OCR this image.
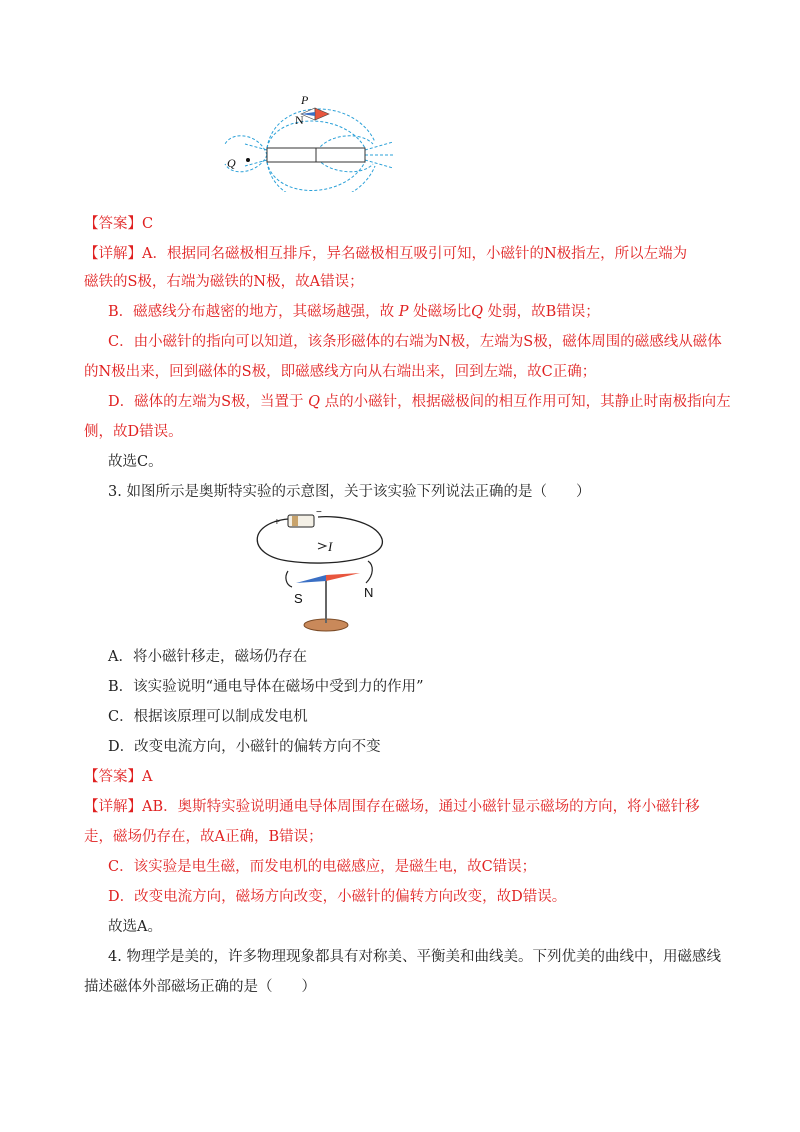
P
N
Q
【答案】C
【详解】A．根据同名磁极相互排斥，异名磁极相互吸引可知，小磁针的N极指左，所以左端为
磁铁的S极，右端为磁铁的N极，故A错误；
B．磁感线分布越密的地方，其磁场越强，故 P 处磁场比Q 处弱，故B错误；
C．由小磁针的指向可以知道，该条形磁体的右端为N极，左端为S极，磁体周围的磁感线从磁体
的N极出来，回到磁体的S极，即磁感线方向从右端出来，回到左端，故C正确；
D．磁体的左端为S极，当置于 Q 点的小磁针，根据磁极间的相互作用可知，其静止时南极指向左
侧，故D错误。
故选C。
3. 如图所示是奥斯特实验的示意图，关于该实验下列说法正确的是（　　）
+
−
I
S	N
A．将小磁针移走，磁场仍存在
B．该实验说明“通电导体在磁场中受到力的作用”
C．根据该原理可以制成发电机
D．改变电流方向，小磁针的偏转方向不变
【答案】A
【详解】AB．奥斯特实验说明通电导体周围存在磁场，通过小磁针显示磁场的方向，将小磁针移
走，磁场仍存在，故A正确，B错误；
C．该实验是电生磁，而发电机的电磁感应，是磁生电，故C错误；
D．改变电流方向，磁场方向改变，小磁针的偏转方向改变，故D错误。
故选A。
4. 物理学是美的，许多物理现象都具有对称美、平衡美和曲线美。下列优美的曲线中，用磁感线
描述磁体外部磁场正确的是（　　）
